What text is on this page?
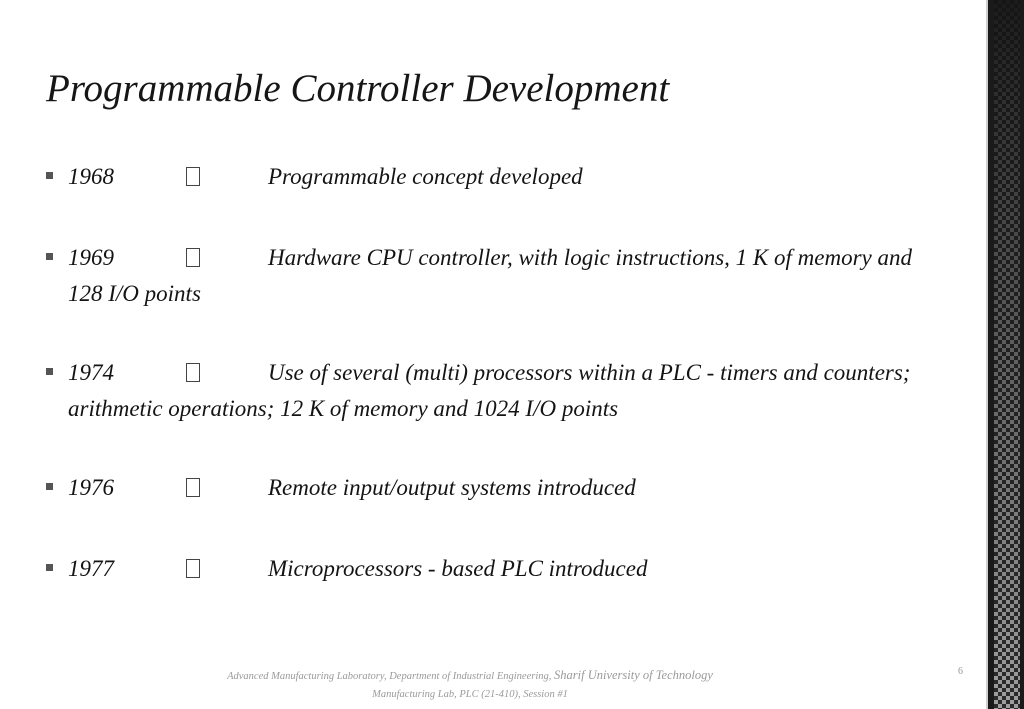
Programmable Controller Development
1968	Programmable concept developed
1969	Hardware CPU controller, with logic instructions, 1 K of memory and 128 I/O points
1974	Use of several (multi) processors within a PLC - timers and counters; arithmetic operations; 12 K of memory and 1024 I/O points
1976	Remote input/output systems introduced
1977	Microprocessors - based PLC introduced
Advanced Manufacturing Laboratory, Department of Industrial Engineering, Sharif University of Technology
Manufacturing Lab, PLC (21-410), Session #1
6
